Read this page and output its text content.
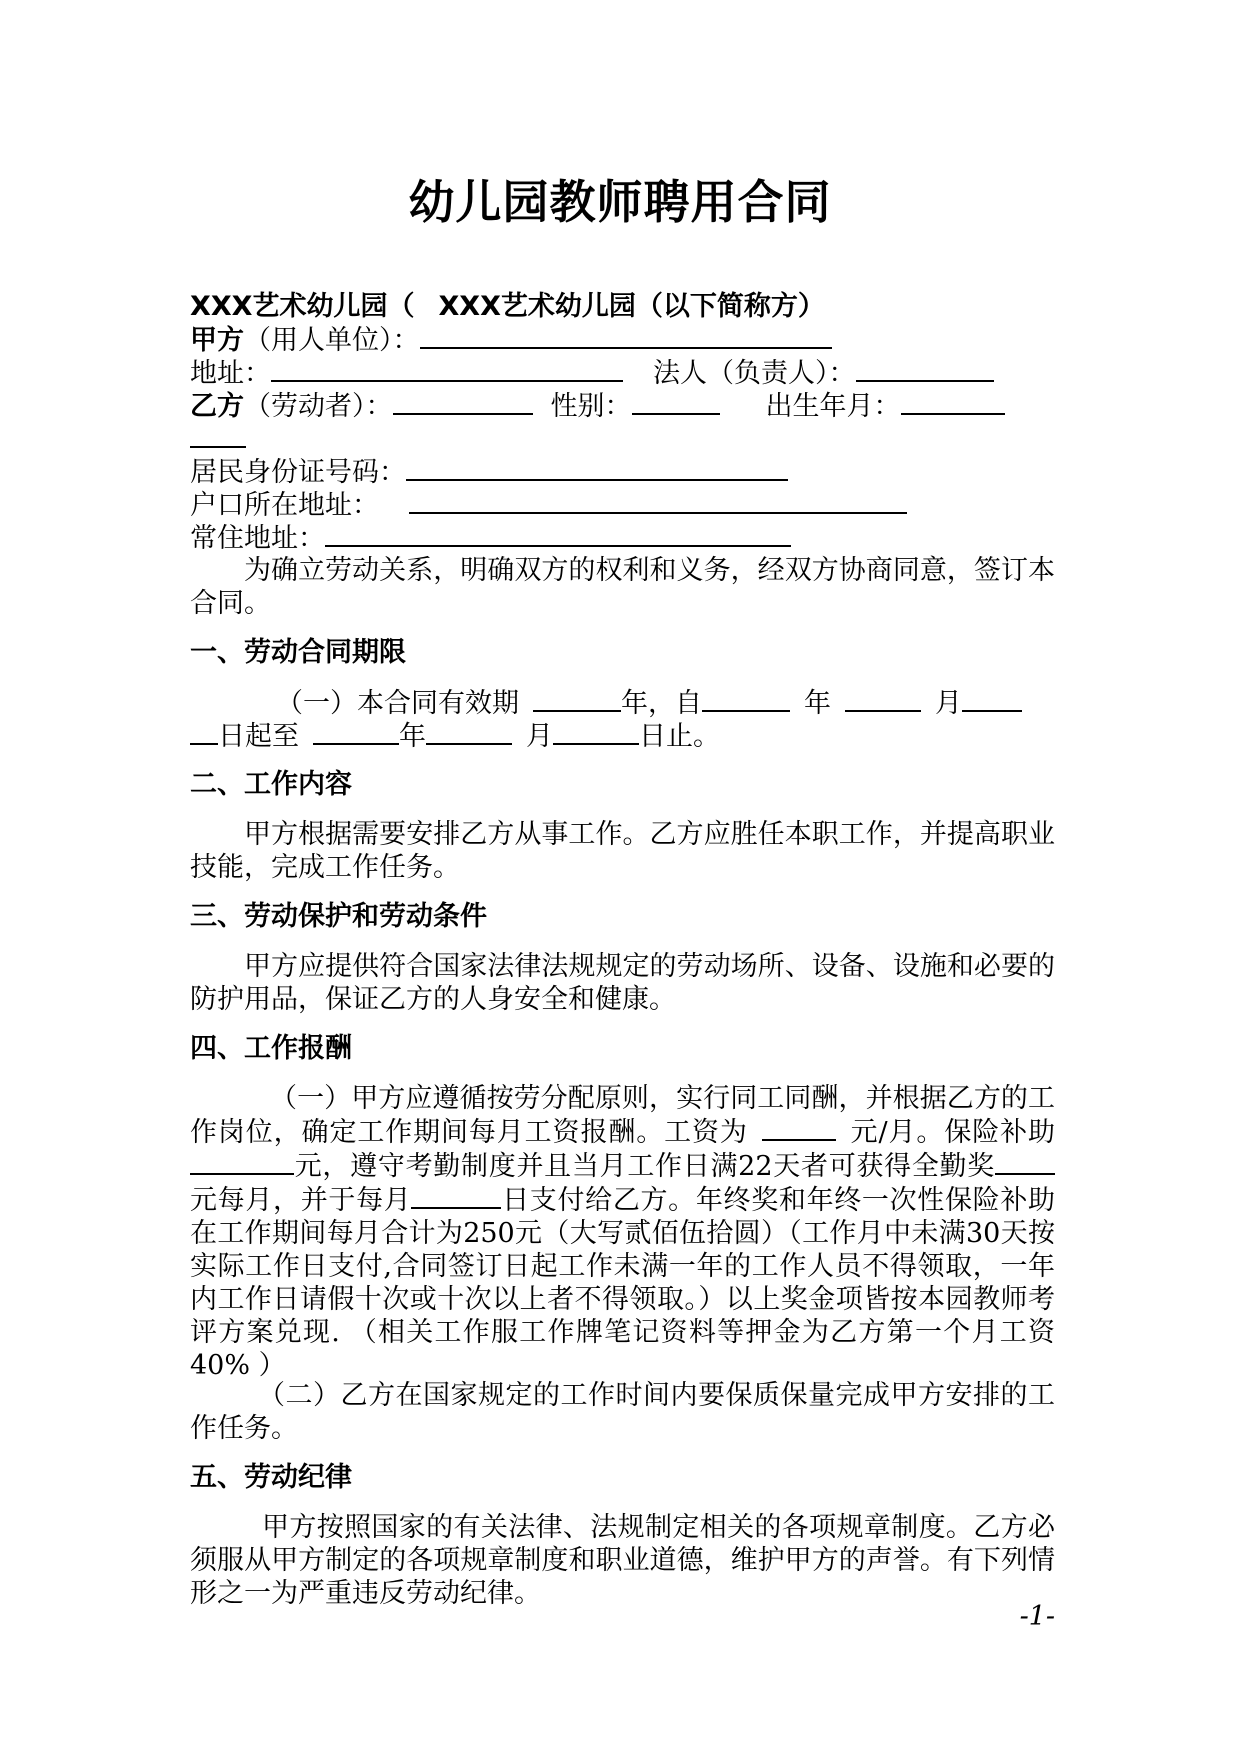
幼儿园教师聘用合同
XXX艺术幼儿园（ XXX艺术幼儿园（以下简称方）
甲方（用人单位）：
地址：	法人（负责人）：
乙方（劳动者）：	性别：	出生年月：
居民身份证号码：
户口所在地址：
常住地址：
为确立劳动关系，明确双方的权利和义务，经双方协商同意，签订本合同。
一、劳动合同期限
（一）本合同有效期	年，自	年	月
日起至	年	月	日止。
二、工作内容
甲方根据需要安排乙方从事工作。乙方应胜任本职工作，并提高职业技能，完成工作任务。
三、劳动保护和劳动条件
甲方应提供符合国家法律法规规定的劳动场所、设备、设施和必要的防护用品，保证乙方的人身安全和健康。
四、工作报酬
（一）甲方应遵循按劳分配原则，实行同工同酬，并根据乙方的工作岗位，确定工作期间每月工资报酬。工资为	元/月。保险补助元，遵守考勤制度并且当月工作日满22天者可获得全勤奖元每月，并于每月	日支付给乙方。年终奖和年终一次性保险补助在工作期间每月合计为250元（大写贰佰伍拾圆）（工作月中未满30天按实际工作日支付,合同签订日起工作未满一年的工作人员不得领取，一年内工作日请假十次或十次以上者不得领取。）以上奖金项皆按本园教师考评方案兑现. （相关工作服工作牌笔记资料等押金为乙方第一个月工资40% ）
（二）乙方在国家规定的工作时间内要保质保量完成甲方安排的工作任务。
五、劳动纪律
甲方按照国家的有关法律、法规制定相关的各项规章制度。乙方必须服从甲方制定的各项规章制度和职业道德，维护甲方的声誉。有下列情形之一为严重违反劳动纪律。
-1-
